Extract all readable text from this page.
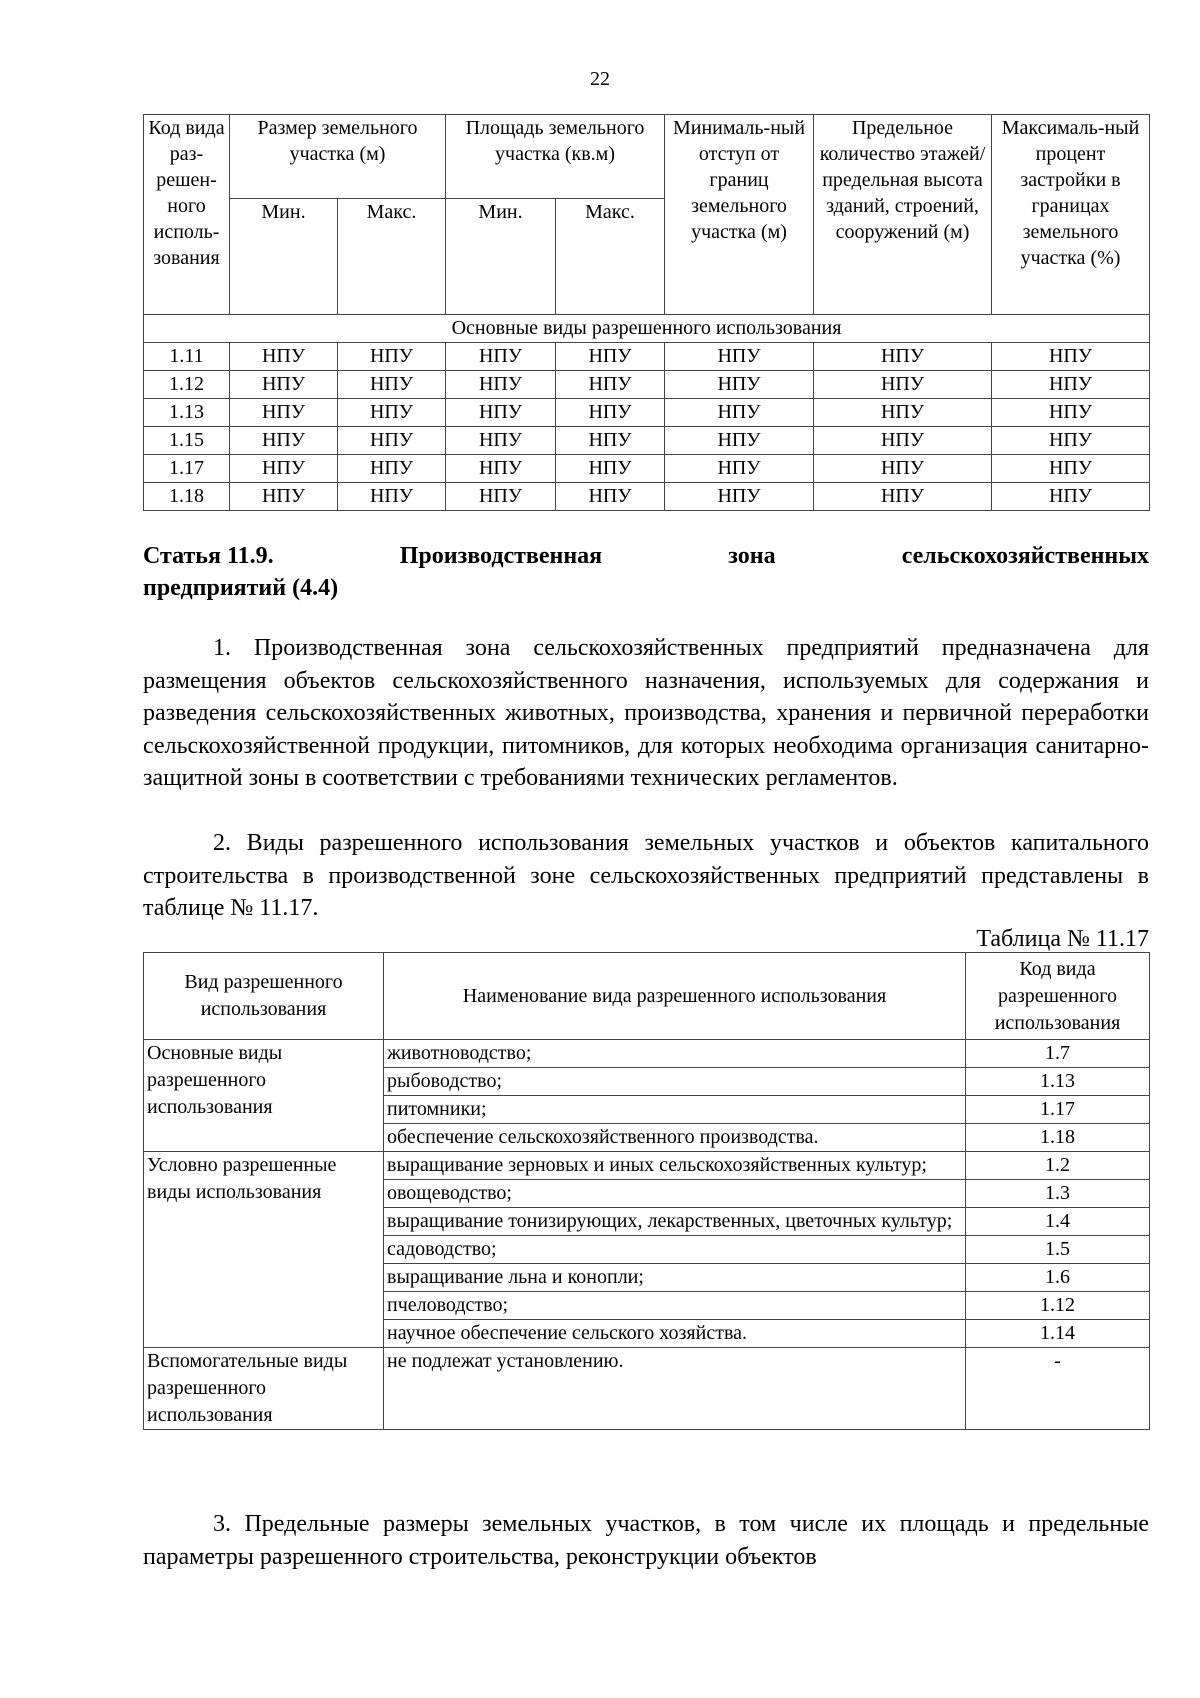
22
Код вида раз-решен-ного исполь-зования	Размер земельного участка (м)		Площадь земельного участка (кв.м)		Минималь-ный отступ от границ земельного участка (м)	Предельное количество этажей/ предельная высота зданий, строений, сооружений (м)	Максималь-ный процент застройки в границах земельного участка (%)
	Мин.	Макс.	Мин.	Макс.			
Основные виды разрешенного использования							
1.11	НПУ	НПУ	НПУ	НПУ	НПУ	НПУ	НПУ
1.12	НПУ	НПУ	НПУ	НПУ	НПУ	НПУ	НПУ
1.13	НПУ	НПУ	НПУ	НПУ	НПУ	НПУ	НПУ
1.15	НПУ	НПУ	НПУ	НПУ	НПУ	НПУ	НПУ
1.17	НПУ	НПУ	НПУ	НПУ	НПУ	НПУ	НПУ
1.18	НПУ	НПУ	НПУ	НПУ	НПУ	НПУ	НПУ
Статья 11.9.	Производственная	зона	сельскохозяйственных
предприятий (4.4)

1. Производственная зона сельскохозяйственных предприятий предназначена для размещения объектов сельскохозяйственного назначения, используемых для содержания и разведения сельскохозяйственных животных, производства, хранения и первичной переработки сельскохозяйственной продукции, питомников, для которых необходима организация санитарно-защитной зоны в соответствии с требованиями технических регламентов.

2. Виды разрешенного использования земельных участков и объектов капитального строительства в производственной зоне сельскохозяйственных предприятий представлены в таблице № 11.17.

Таблица № 11.17
Вид разрешенного использования	Наименование вида разрешенного использования	Код вида разрешенного использования
Основные виды разрешенного использования	животноводство;	1.7
	рыбоводство;	1.13
	питомники;	1.17
	обеспечение сельскохозяйственного производства.	1.18
Условно разрешенные виды использования	выращивание зерновых и иных сельскохозяйственных культур;	1.2
	овощеводство;	1.3
	выращивание тонизирующих, лекарственных, цветочных культур;	1.4
	садоводство;	1.5
	выращивание льна и конопли;	1.6
	пчеловодство;	1.12
	научное обеспечение сельского хозяйства.	1.14
Вспомогательные виды разрешенного использования	не подлежат установлению.	-

3. Предельные размеры земельных участков, в том числе их площадь и предельные параметры разрешенного строительства, реконструкции объектов
